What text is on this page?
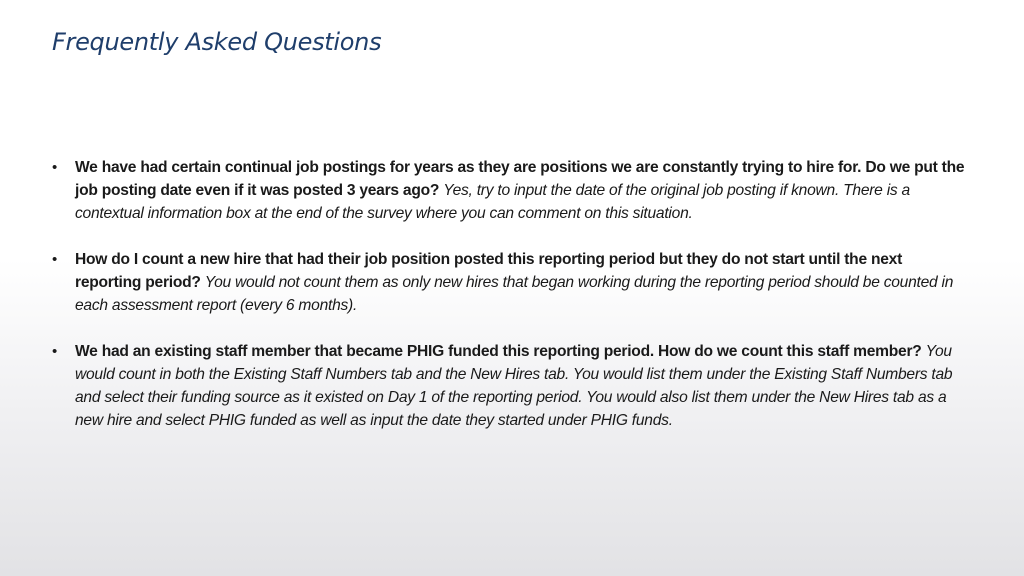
Frequently Asked Questions
• We have had certain continual job postings for years as they are positions we are constantly trying to hire for. Do we put the job posting date even if it was posted 3 years ago? Yes, try to input the date of the original job posting if known. There is a contextual information box at the end of the survey where you can comment on this situation.
• How do I count a new hire that had their job position posted this reporting period but they do not start until the next reporting period? You would not count them as only new hires that began working during the reporting period should be counted in each assessment report (every 6 months).
• We had an existing staff member that became PHIG funded this reporting period. How do we count this staff member? You would count in both the Existing Staff Numbers tab and the New Hires tab. You would list them under the Existing Staff Numbers tab and select their funding source as it existed on Day 1 of the reporting period. You would also list them under the New Hires tab as a new hire and select PHIG funded as well as input the date they started under PHIG funds.
